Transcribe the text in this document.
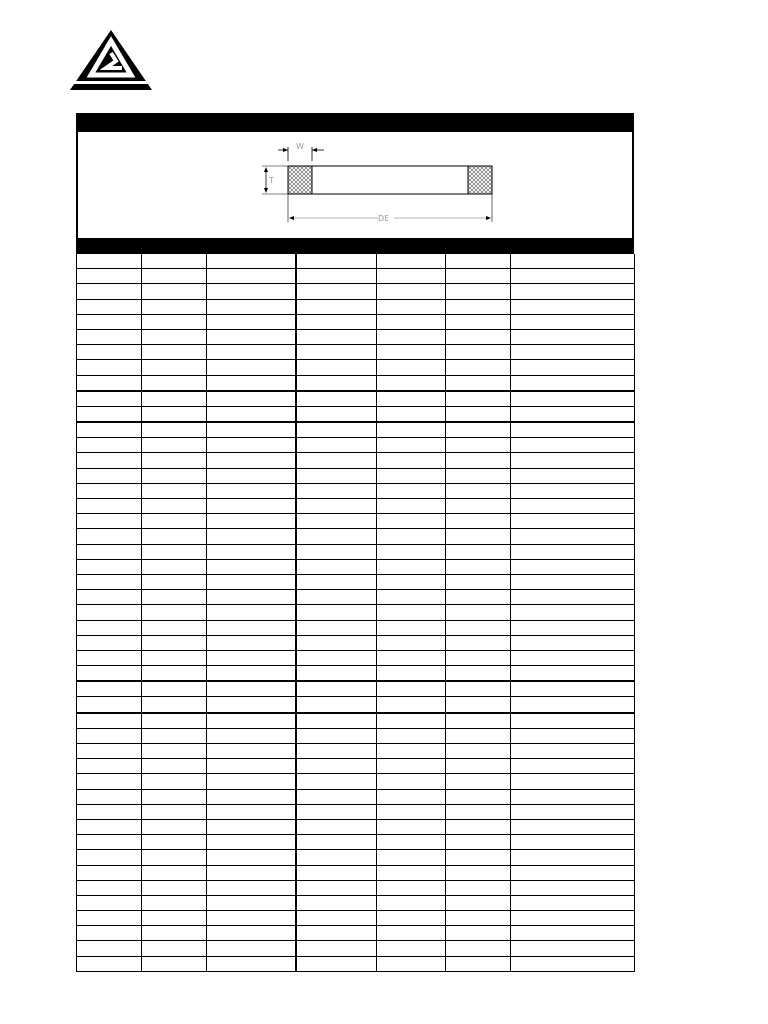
W
T
DE
